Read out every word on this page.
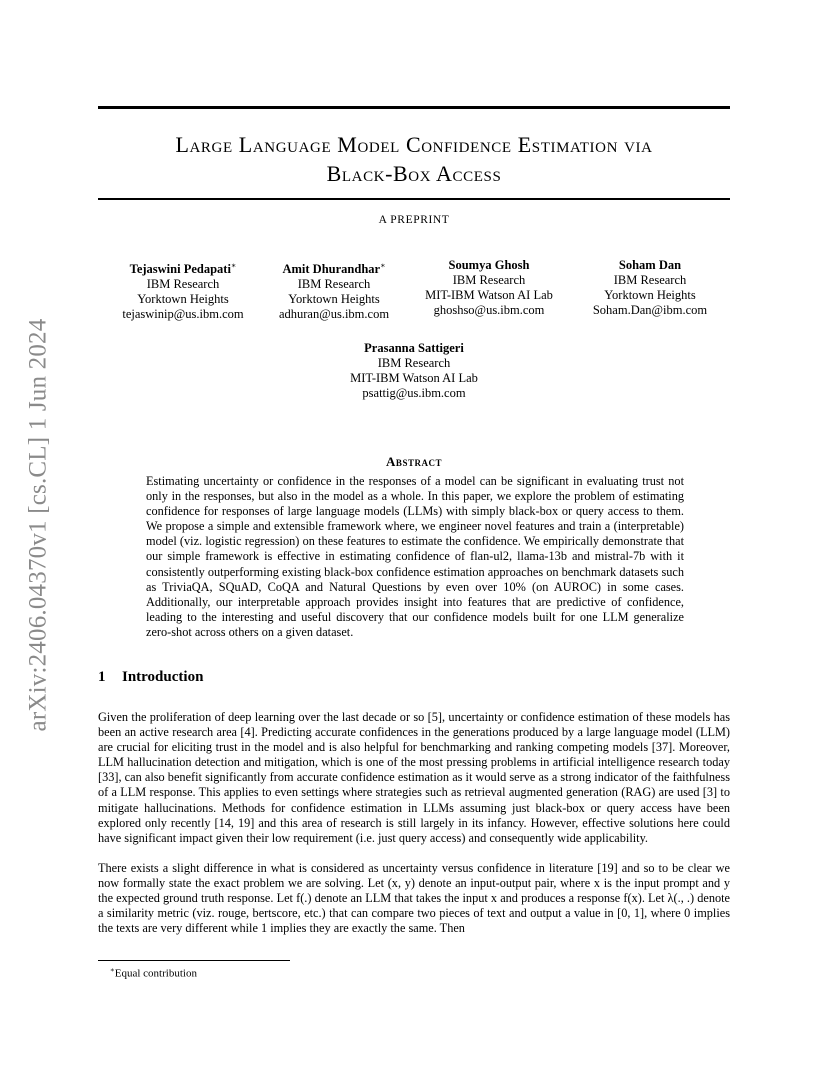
arXiv:2406.04370v1 [cs.CL] 1 Jun 2024
Large Language Model Confidence Estimation via
Black-Box Access
A PREPRINT
Tejaswini Pedapati∗
IBM Research
Yorktown Heights
tejaswinip@us.ibm.com
Amit Dhurandhar∗
IBM Research
Yorktown Heights
adhuran@us.ibm.com
Soumya Ghosh
IBM Research
MIT-IBM Watson AI Lab
ghoshso@us.ibm.com
Soham Dan
IBM Research
Yorktown Heights
Soham.Dan@ibm.com
Prasanna Sattigeri
IBM Research
MIT-IBM Watson AI Lab
psattig@us.ibm.com
Abstract
Estimating uncertainty or confidence in the responses of a model can be significant in evaluating trust not only in the responses, but also in the model as a whole. In this paper, we explore the problem of estimating confidence for responses of large language models (LLMs) with simply black-box or query access to them. We propose a simple and extensible framework where, we engineer novel features and train a (interpretable) model (viz. logistic regression) on these features to estimate the confidence. We empirically demonstrate that our simple framework is effective in estimating confidence of flan-ul2, llama-13b and mistral-7b with it consistently outperforming existing black-box confidence estimation approaches on benchmark datasets such as TriviaQA, SQuAD, CoQA and Natural Questions by even over 10% (on AUROC) in some cases. Additionally, our interpretable approach provides insight into features that are predictive of confidence, leading to the interesting and useful discovery that our confidence models built for one LLM generalize zero-shot across others on a given dataset.
1 Introduction

Given the proliferation of deep learning over the last decade or so [5], uncertainty or confidence estimation of these models has been an active research area [4]. Predicting accurate confidences in the generations produced by a large language model (LLM) are crucial for eliciting trust in the model and is also helpful for benchmarking and ranking competing models [37]. Moreover, LLM hallucination detection and mitigation, which is one of the most pressing problems in artificial intelligence research today [33], can also benefit significantly from accurate confidence estimation as it would serve as a strong indicator of the faithfulness of a LLM response. This applies to even settings where strategies such as retrieval augmented generation (RAG) are used [3] to mitigate hallucinations. Methods for confidence estimation in LLMs assuming just black-box or query access have been explored only recently [14, 19] and this area of research is still largely in its infancy. However, effective solutions here could have significant impact given their low requirement (i.e. just query access) and consequently wide applicability.

There exists a slight difference in what is considered as uncertainty versus confidence in literature [19] and so to be clear we now formally state the exact problem we are solving. Let (x, y) denote an input-output pair, where x is the input prompt and y the expected ground truth response. Let f(.) denote an LLM that takes the input x and produces a response f(x). Let λ(., .) denote a similarity metric (viz. rouge, bertscore, etc.) that can compare two pieces of text and output a value in [0, 1], where 0 implies the texts are very different while 1 implies they are exactly the same. Then

∗Equal contribution
